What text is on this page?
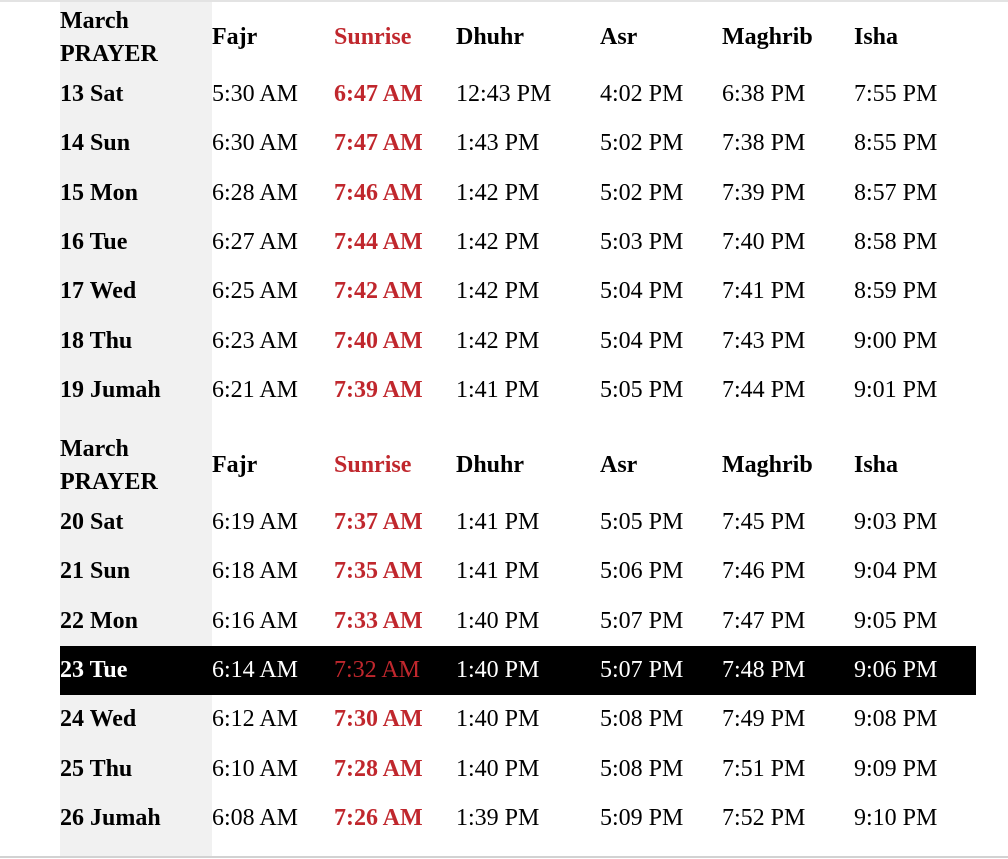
March
PRAYER
Fajr	Sunrise	Dhuhr	Asr	Maghrib	Isha
13 Sat	5:30 AM	6:47 AM	12:43 PM	4:02 PM	6:38 PM	7:55 PM
14 Sun	6:30 AM	7:47 AM	1:43 PM	5:02 PM	7:38 PM	8:55 PM
15 Mon	6:28 AM	7:46 AM	1:42 PM	5:02 PM	7:39 PM	8:57 PM
16 Tue	6:27 AM	7:44 AM	1:42 PM	5:03 PM	7:40 PM	8:58 PM
17 Wed	6:25 AM	7:42 AM	1:42 PM	5:04 PM	7:41 PM	8:59 PM
18 Thu	6:23 AM	7:40 AM	1:42 PM	5:04 PM	7:43 PM	9:00 PM
19 Jumah	6:21 AM	7:39 AM	1:41 PM	5:05 PM	7:44 PM	9:01 PM
March
PRAYER
Fajr	Sunrise	Dhuhr	Asr	Maghrib	Isha
20 Sat	6:19 AM	7:37 AM	1:41 PM	5:05 PM	7:45 PM	9:03 PM
21 Sun	6:18 AM	7:35 AM	1:41 PM	5:06 PM	7:46 PM	9:04 PM
22 Mon	6:16 AM	7:33 AM	1:40 PM	5:07 PM	7:47 PM	9:05 PM
23 Tue	6:14 AM	7:32 AM	1:40 PM	5:07 PM	7:48 PM	9:06 PM
24 Wed	6:12 AM	7:30 AM	1:40 PM	5:08 PM	7:49 PM	9:08 PM
25 Thu	6:10 AM	7:28 AM	1:40 PM	5:08 PM	7:51 PM	9:09 PM
26 Jumah	6:08 AM	7:26 AM	1:39 PM	5:09 PM	7:52 PM	9:10 PM
